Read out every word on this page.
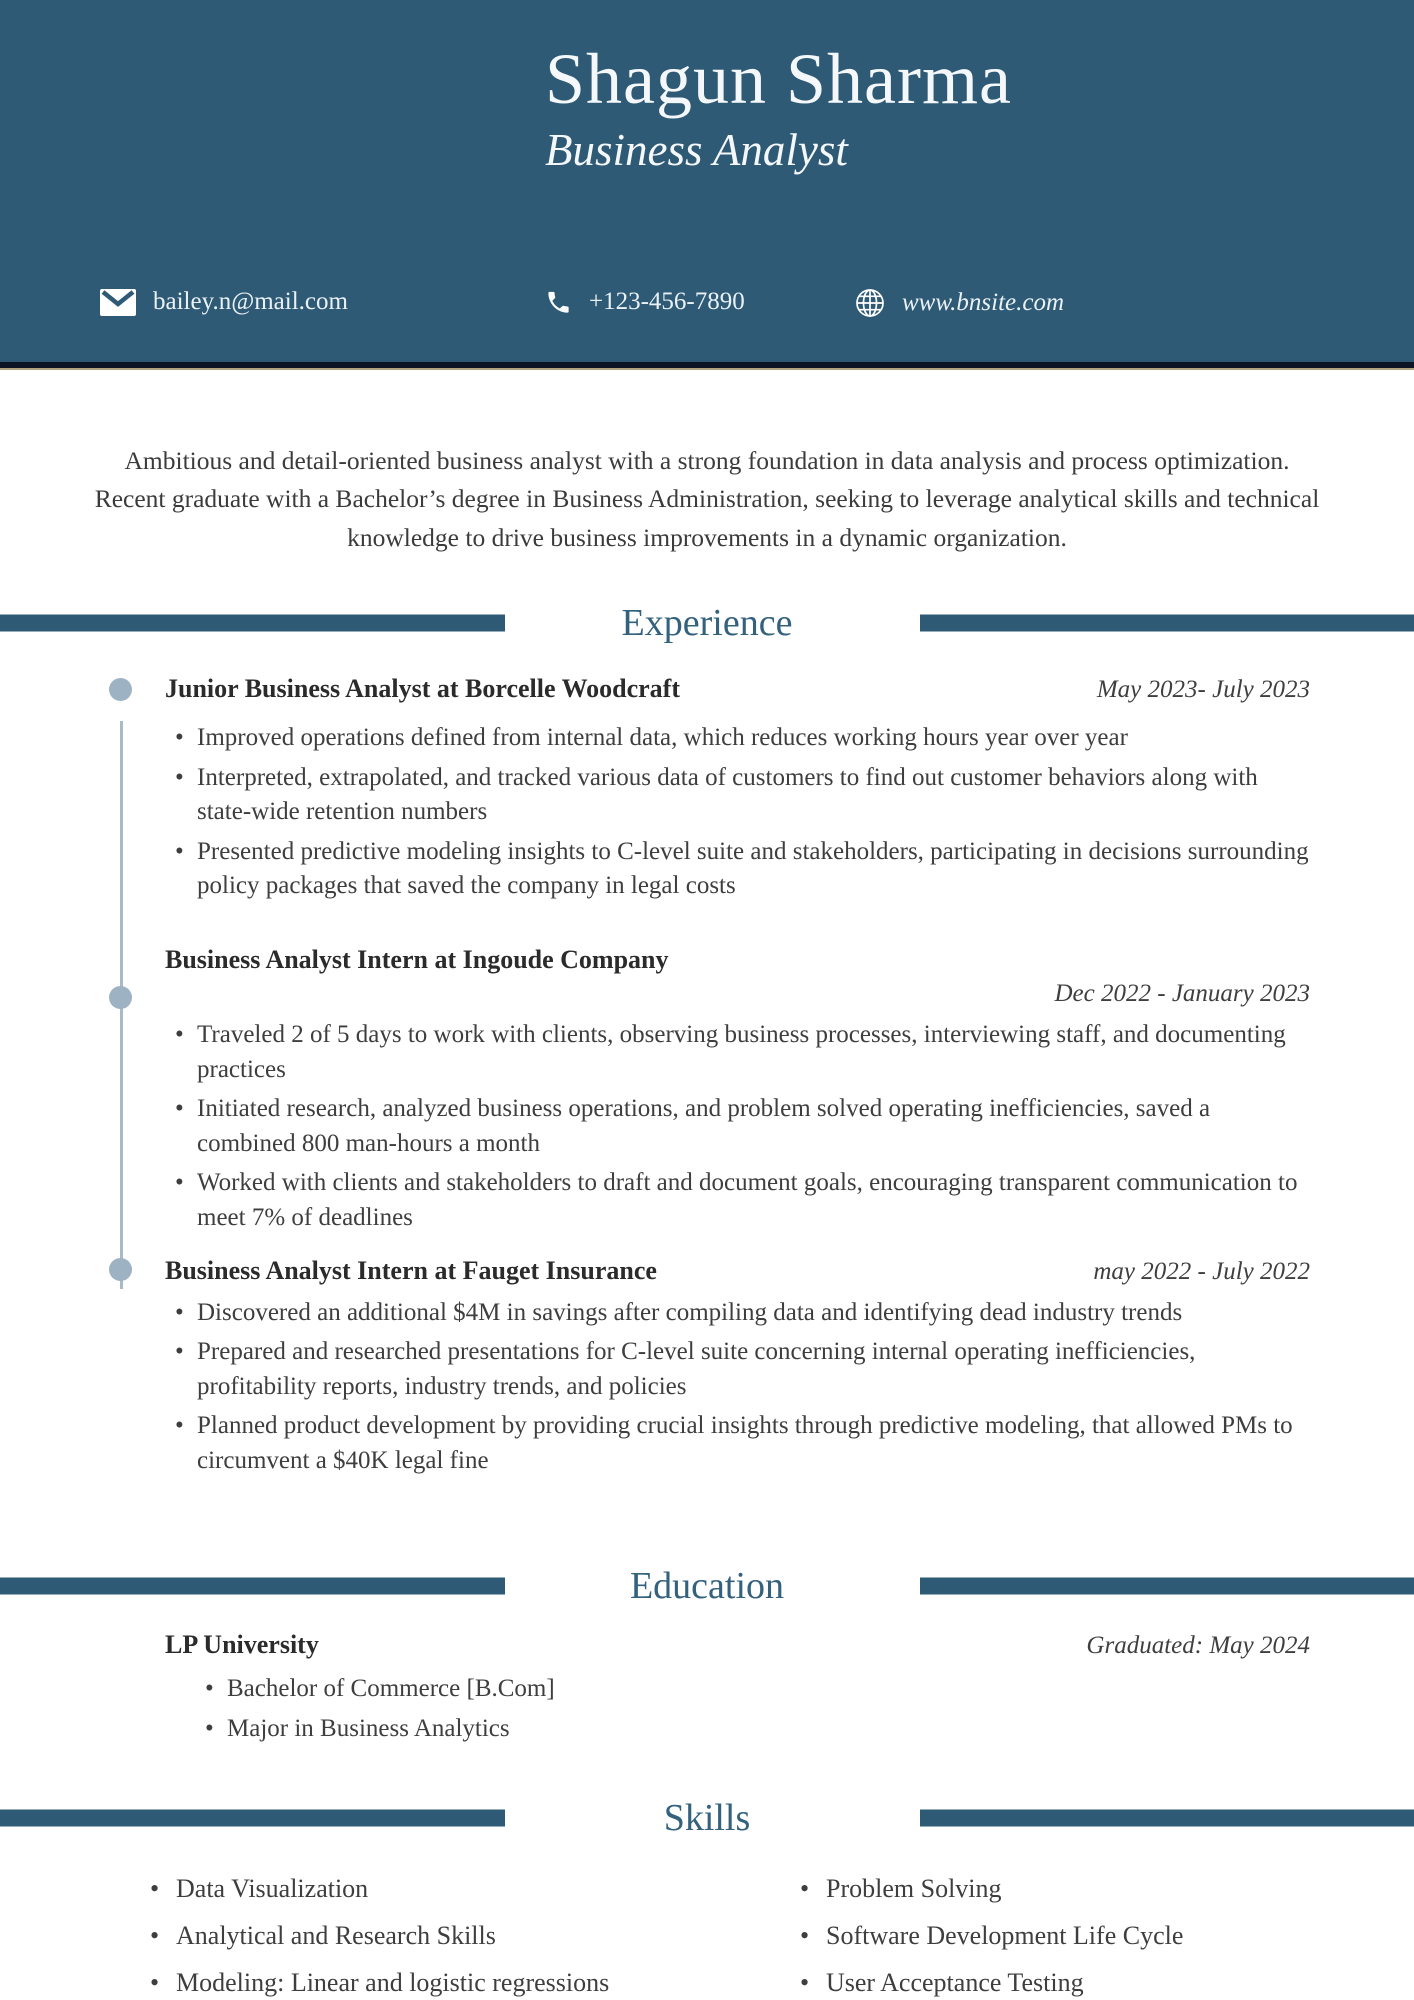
Shagun Sharma
Business Analyst
bailey.n@mail.com	+123-456-7890	www.bnsite.com

Ambitious and detail-oriented business analyst with a strong foundation in data analysis and process optimization. Recent graduate with a Bachelor’s degree in Business Administration, seeking to leverage analytical skills and technical knowledge to drive business improvements in a dynamic organization.

Experience
Junior Business Analyst at Borcelle Woodcraft	May 2023- July 2023
• Improved operations defined from internal data, which reduces working hours year over year
• Interpreted, extrapolated, and tracked various data of customers to find out customer behaviors along with state-wide retention numbers
• Presented predictive modeling insights to C-level suite and stakeholders, participating in decisions surrounding policy packages that saved the company in legal costs
Business Analyst Intern at Ingoude Company
Dec 2022 - January 2023
• Traveled 2 of 5 days to work with clients, observing business processes, interviewing staff, and documenting practices
• Initiated research, analyzed business operations, and problem solved operating inefficiencies, saved a combined 800 man-hours a month
• Worked with clients and stakeholders to draft and document goals, encouraging transparent communication to meet 7% of deadlines
Business Analyst Intern at Fauget Insurance	may 2022 - July 2022
• Discovered an additional $4M in savings after compiling data and identifying dead industry trends
• Prepared and researched presentations for C-level suite concerning internal operating inefficiencies, profitability reports, industry trends, and policies
• Planned product development by providing crucial insights through predictive modeling, that allowed PMs to circumvent a $40K legal fine
Education
LP University	Graduated: May 2024
• Bachelor of Commerce [B.Com]
• Major in Business Analytics
Skills
• Data Visualization
• Analytical and Research Skills
• Modeling: Linear and logistic regressions
• Problem Solving
• Software Development Life Cycle
• User Acceptance Testing
